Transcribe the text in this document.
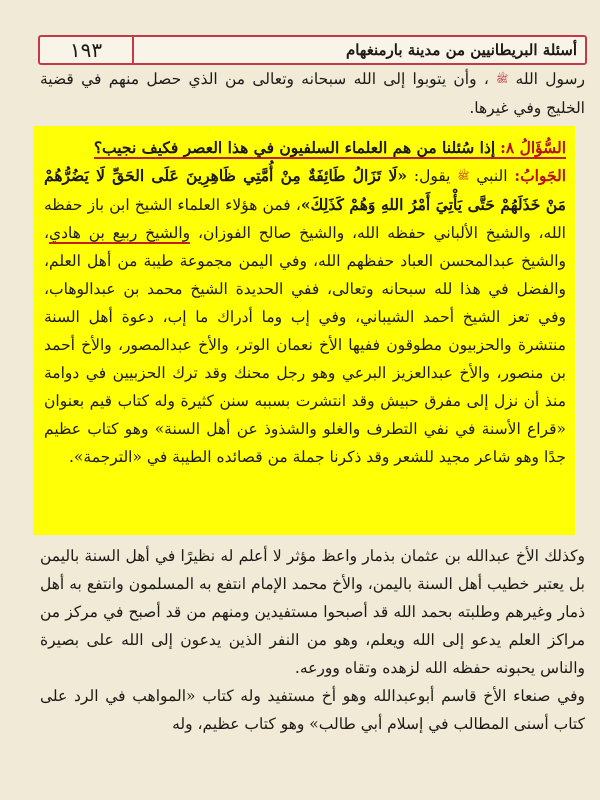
١٩٣	أسئلة البريطانيين من مدينة بارمنغهام
رسول الله ﷺ ، وأن يتوبوا إلى الله سبحانه وتعالى من الذي حصل منهم في قضية الخليج وفي غيرها.
السُّؤَالُ ٨: إذا سُئلنا من هم العلماء السلفيون في هذا العصر فكيف نجيب؟
الجَوابُ: النبي ﷺ يقول: «لَا تَزَالُ طَائِفَةٌ مِنْ أُمَّتِي ظَاهِرِينَ عَلَى الحَقِّ لَا يَضُرُّهُمْ مَنْ خَذَلَهُمْ حَتَّى يَأْتِيَ أَمْرُ اللهِ وَهُمْ كَذَلِكَ»، فمن هؤلاء العلماء الشيخ ابن باز حفظه الله، والشيخ الألباني حفظه الله، والشيخ صالح الفوزان، والشيخ ربيع بن هادي، والشيخ عبدالمحسن العباد حفظهم الله، وفي اليمن مجموعة طيبة من أهل العلم، والفضل في هذا لله سبحانه وتعالى، ففي الحديدة الشيخ محمد بن عبدالوهاب، وفي تعز الشيخ أحمد الشيباني، وفي إب وما أدراك ما إب، دعوة أهل السنة منتشرة والحزبيون مطوقون ففيها الأخ نعمان الوتر، والأخ عبدالمصور، والأخ أحمد بن منصور، والأخ عبدالعزيز البرعي وهو رجل محنك وقد ترك الحزبيين في دوامة منذ أن نزل إلى مفرق حبيش وقد انتشرت بسببه سنن كثيرة وله كتاب قيم بعنوان «قراع الأسنة في نفي التطرف والغلو والشذوذ عن أهل السنة» وهو كتاب عظيم جدًا وهو شاعر مجيد للشعر وقد ذكرنا جملة من قصائده الطيبة في «الترجمة».
وكذلك الأخ عبدالله بن عثمان بذمار واعظ مؤثر لا أعلم له نظيرًا في أهل السنة باليمن بل يعتبر خطيب أهل السنة باليمن، والأخ محمد الإمام انتفع به المسلمون وانتفع به أهل ذمار وغيرهم وطلبته بحمد الله قد أصبحوا مستفيدين ومنهم من قد أصبح في مركز من مراكز العلم يدعو إلى الله ويعلم، وهو من النفر الذين يدعون إلى الله على بصيرة والناس يحبونه حفظه الله لزهده وتقاه وورعه.
وفي صنعاء الأخ قاسم أبوعبدالله وهو أخ مستفيد وله كتاب «المواهب في الرد على كتاب أسنى المطالب في إسلام أبي طالب» وهو كتاب عظيم، وله
